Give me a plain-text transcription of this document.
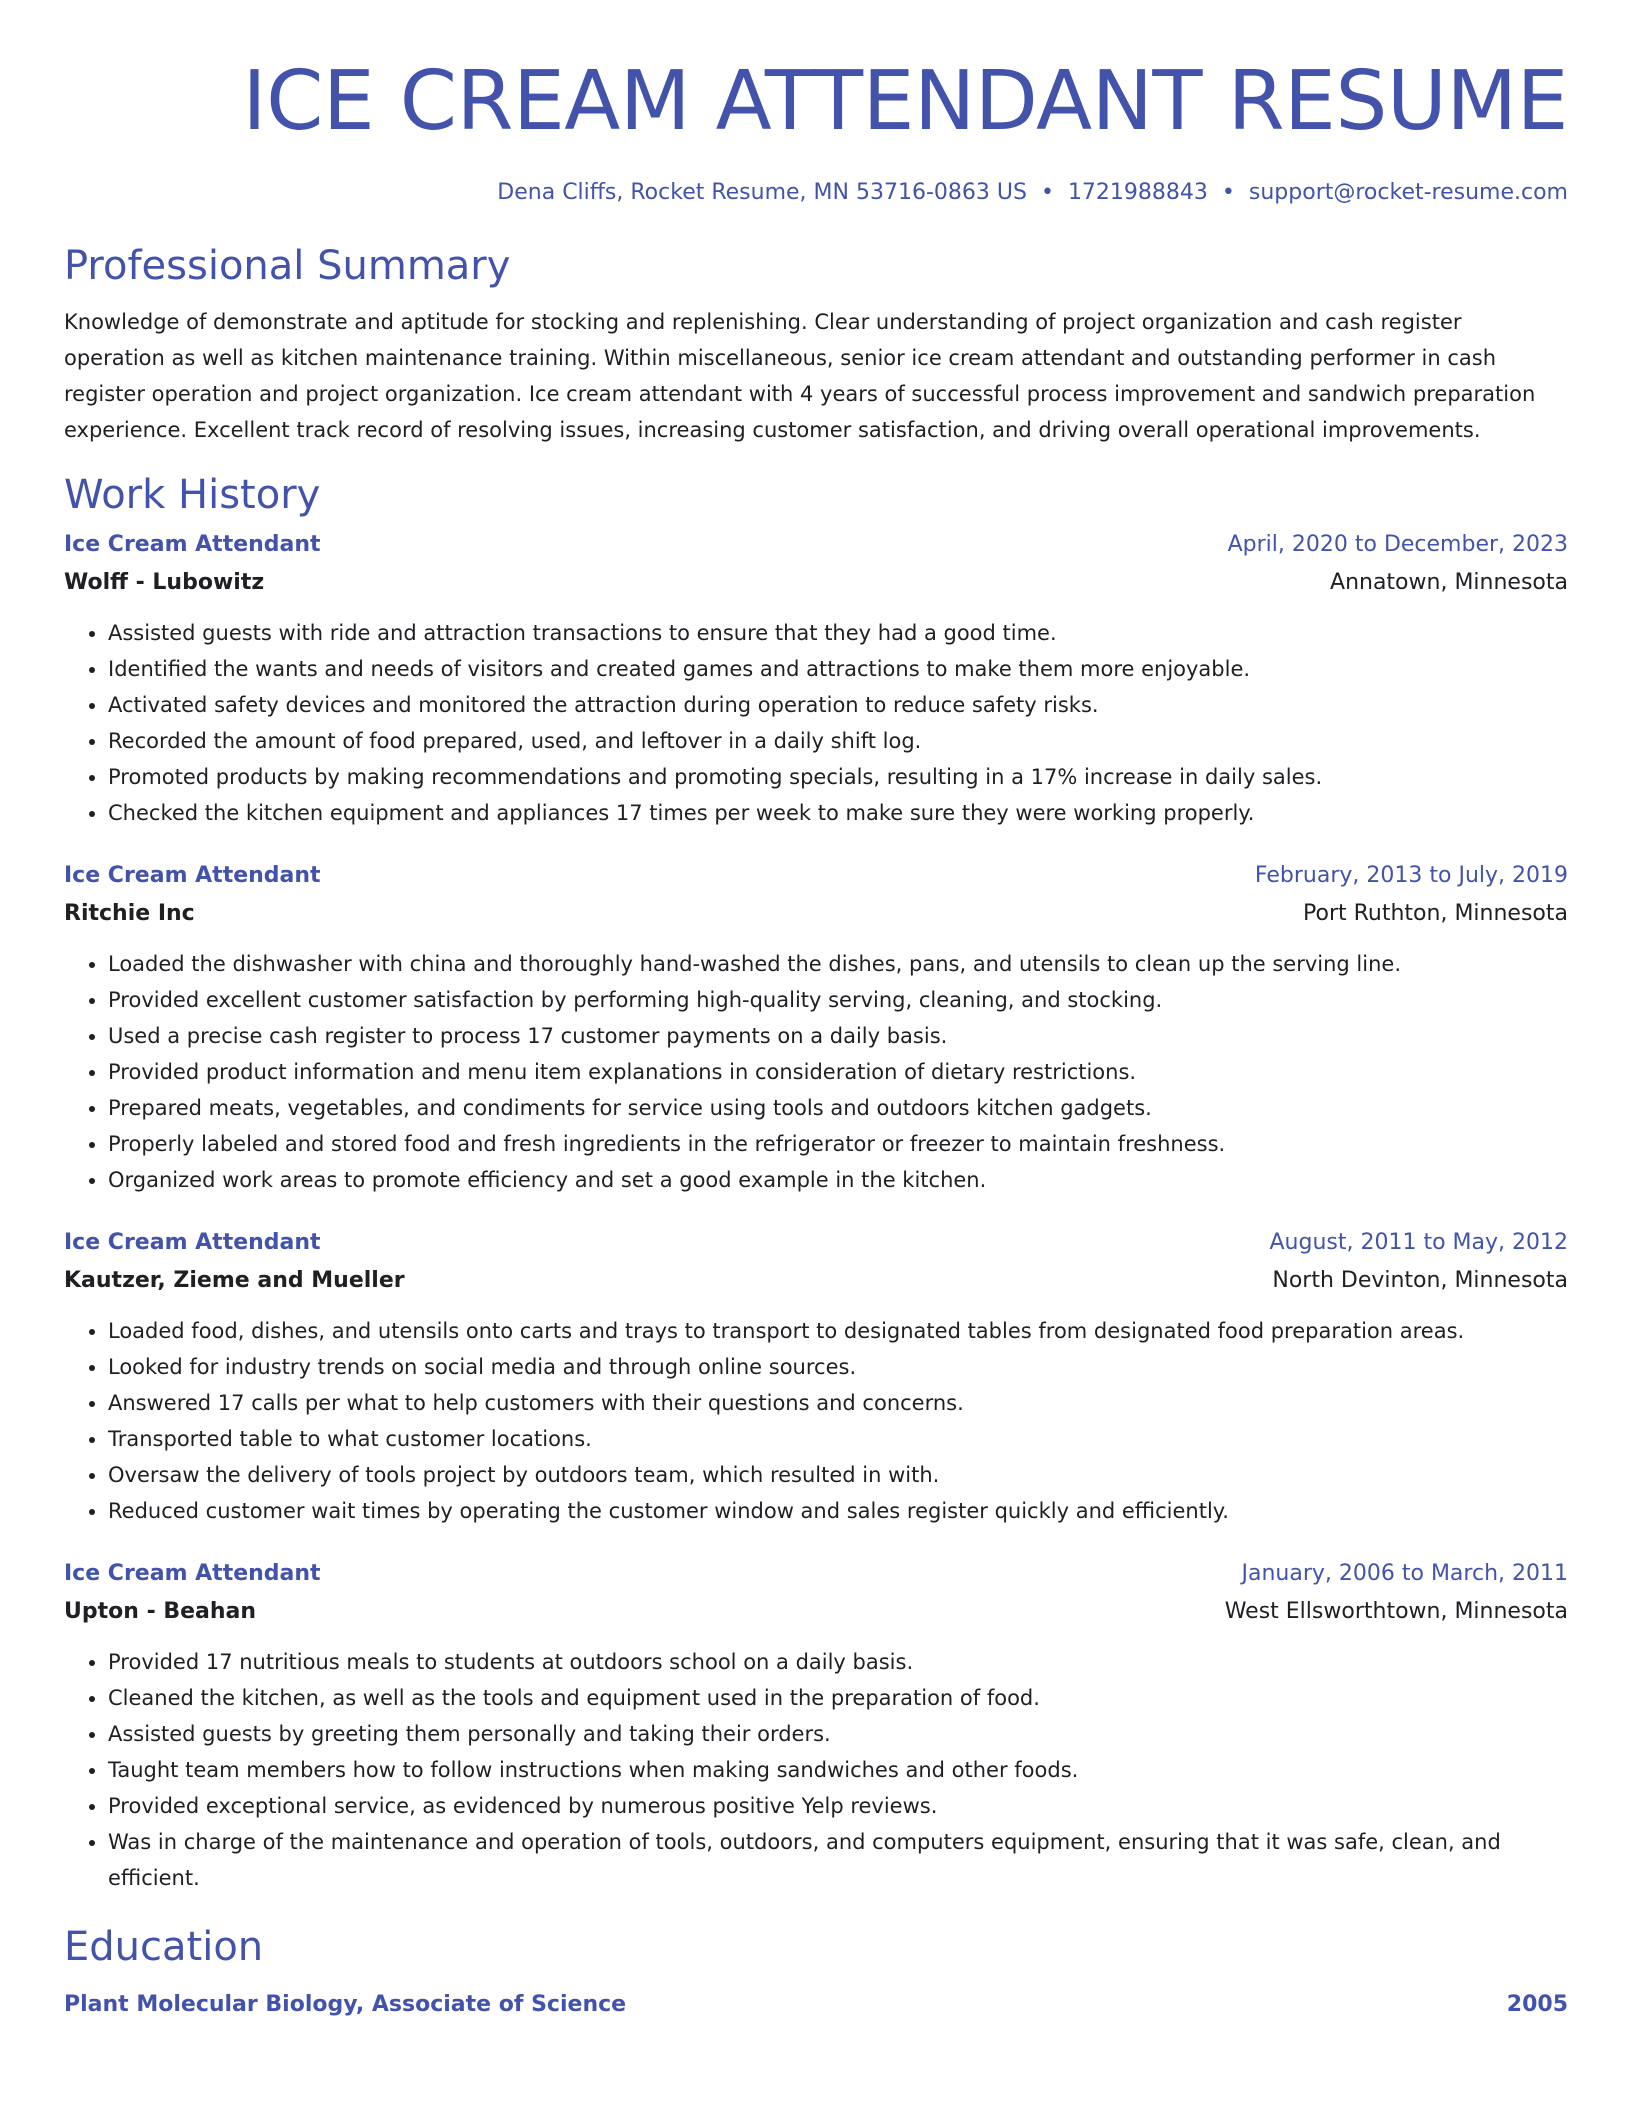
ICE CREAM ATTENDANT RESUME
Dena Cliffs, Rocket Resume, MN 53716-0863 US • 1721988843 • support@rocket-resume.com
Professional Summary

Knowledge of demonstrate and aptitude for stocking and replenishing. Clear understanding of project organization and cash register operation as well as kitchen maintenance training. Within miscellaneous, senior ice cream attendant and outstanding performer in cash register operation and project organization. Ice cream attendant with 4 years of successful process improvement and sandwich preparation experience. Excellent track record of resolving issues, increasing customer satisfaction, and driving overall operational improvements.

Work History
Ice Cream Attendant	April, 2020 to December, 2023
Wolff - Lubowitz	Annatown, Minnesota
• Assisted guests with ride and attraction transactions to ensure that they had a good time.
• Identified the wants and needs of visitors and created games and attractions to make them more enjoyable.
• Activated safety devices and monitored the attraction during operation to reduce safety risks.
• Recorded the amount of food prepared, used, and leftover in a daily shift log.
• Promoted products by making recommendations and promoting specials, resulting in a 17% increase in daily sales.
• Checked the kitchen equipment and appliances 17 times per week to make sure they were working properly.
Ice Cream Attendant	February, 2013 to July, 2019
Ritchie Inc	Port Ruthton, Minnesota
• Loaded the dishwasher with china and thoroughly hand-washed the dishes, pans, and utensils to clean up the serving line.
• Provided excellent customer satisfaction by performing high-quality serving, cleaning, and stocking.
• Used a precise cash register to process 17 customer payments on a daily basis.
• Provided product information and menu item explanations in consideration of dietary restrictions.
• Prepared meats, vegetables, and condiments for service using tools and outdoors kitchen gadgets.
• Properly labeled and stored food and fresh ingredients in the refrigerator or freezer to maintain freshness.
• Organized work areas to promote efficiency and set a good example in the kitchen.
Ice Cream Attendant	August, 2011 to May, 2012
Kautzer, Zieme and Mueller	North Devinton, Minnesota
• Loaded food, dishes, and utensils onto carts and trays to transport to designated tables from designated food preparation areas.
• Looked for industry trends on social media and through online sources.
• Answered 17 calls per what to help customers with their questions and concerns.
• Transported table to what customer locations.
• Oversaw the delivery of tools project by outdoors team, which resulted in with.
• Reduced customer wait times by operating the customer window and sales register quickly and efficiently.
Ice Cream Attendant	January, 2006 to March, 2011
Upton - Beahan	West Ellsworthtown, Minnesota
• Provided 17 nutritious meals to students at outdoors school on a daily basis.
• Cleaned the kitchen, as well as the tools and equipment used in the preparation of food.
• Assisted guests by greeting them personally and taking their orders.
• Taught team members how to follow instructions when making sandwiches and other foods.
• Provided exceptional service, as evidenced by numerous positive Yelp reviews.
• Was in charge of the maintenance and operation of tools, outdoors, and computers equipment, ensuring that it was safe, clean, and efficient.
Education
Plant Molecular Biology, Associate of Science	2005
